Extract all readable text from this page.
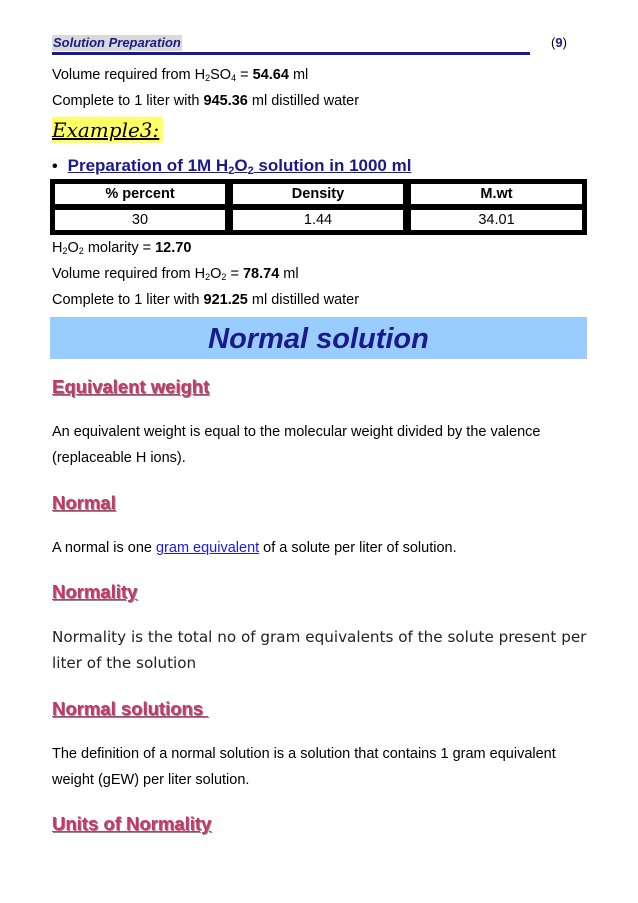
Solution Preparation	(9)
Volume required from $H_2SO_4 = 54.64$ ml
Complete to 1 liter with 945.36 ml distilled water
Example3:
• Preparation of 1M $H_2O_2$ solution in 1000 ml
% percent	Density	M.wt
30	1.44	34.01
$H_2O_2$ molarity = 12.70
Volume required from $H_2O_2 = 78.74$ ml
Complete to 1 liter with 921.25 ml distilled water
Normal solution
Equivalent weight
An equivalent weight is equal to the molecular weight divided by the valence (replaceable H ions).
Normal
A normal is one gram equivalent of a solute per liter of solution.
Normality
Normality is the total no of gram equivalents of the solute present per liter of the solution
Normal solutions
The definition of a normal solution is a solution that contains 1 gram equivalent weight (gEW) per liter solution.
Units of Normality
